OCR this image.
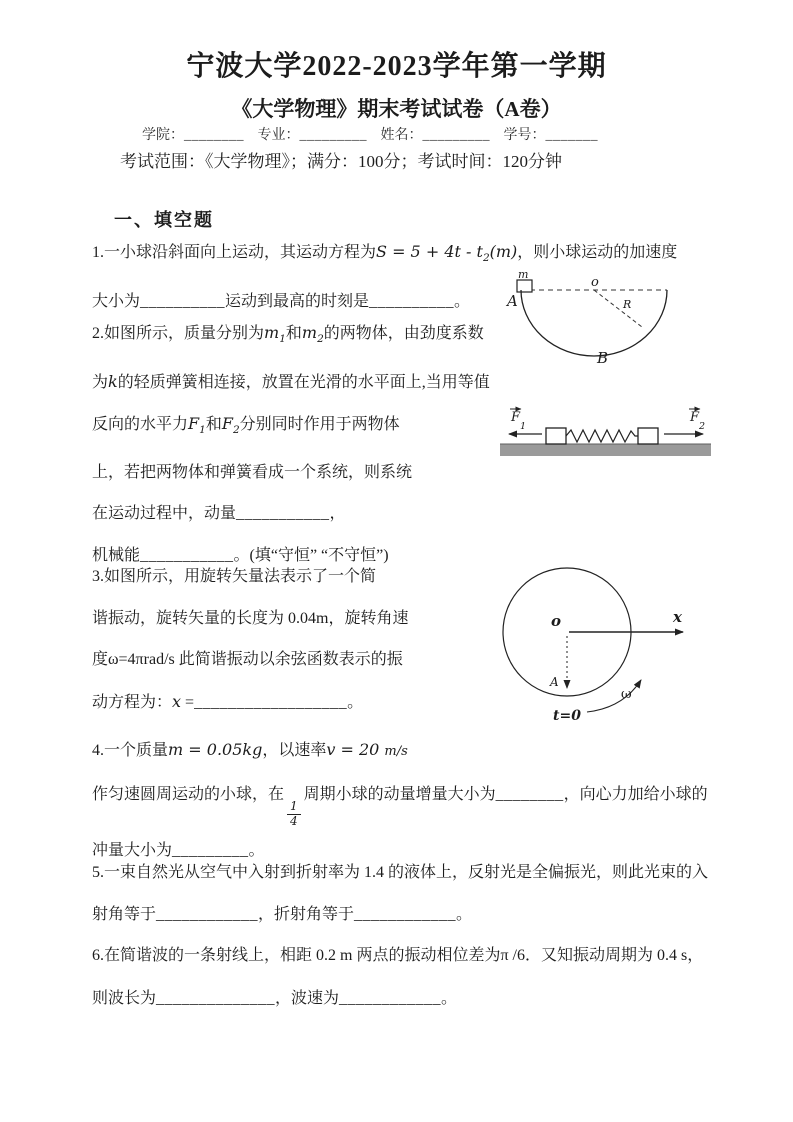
宁波大学2022-2023学年第一学期
《大学物理》期末考试试卷（A卷）
学院：________ 专业：_________ 姓名：_________ 学号：_______
考试范围：《大学物理》；满分：100分；考试时间：120分钟
一、填空题
1.一小球沿斜面向上运动，其运动方程为$S = 5 + 4t - t_2(m)$，则小球运动的加速度
大小为__________运动到最高的时刻是__________。
m
o
A	R
B
2.如图所示，质量分别为$m_1$和$m_2$的两物体，由劲度系数
为k的轻质弹簧相连接，放置在光滑的水平面上,当用等值
反向的水平力$F_1$和$F_2$分别同时作用于两物体
上，若把两物体和弹簧看成一个系统，则系统
在运动过程中，动量___________，
机械能___________。(填“守恒” “不守恒”)
F
1
F
2
3.如图所示，用旋转矢量法表示了一个简
谐振动，旋转矢量的长度为 0.04m，旋转角速
度ω=4πrad/s 此简谐振动以余弦函数表示的振
动方程为：x =__________________。
x
o
A
t=0
ω
4.一个质量m = 0.05kg，以速率v = 20 m/s
作匀速圆周运动的小球，在
$\frac{1}{4}$
周期小球的动量增量大小为________，向心力加给小球的
冲量大小为_________。
5.一束自然光从空气中入射到折射率为 1.4 的液体上，反射光是全偏振光，则此光束的入
射角等于____________，折射角等于____________。
6.在简谐波的一条射线上，相距 0.2 m 两点的振动相位差为π /6．又知振动周期为 0.4 s，
则波长为______________，波速为____________。
